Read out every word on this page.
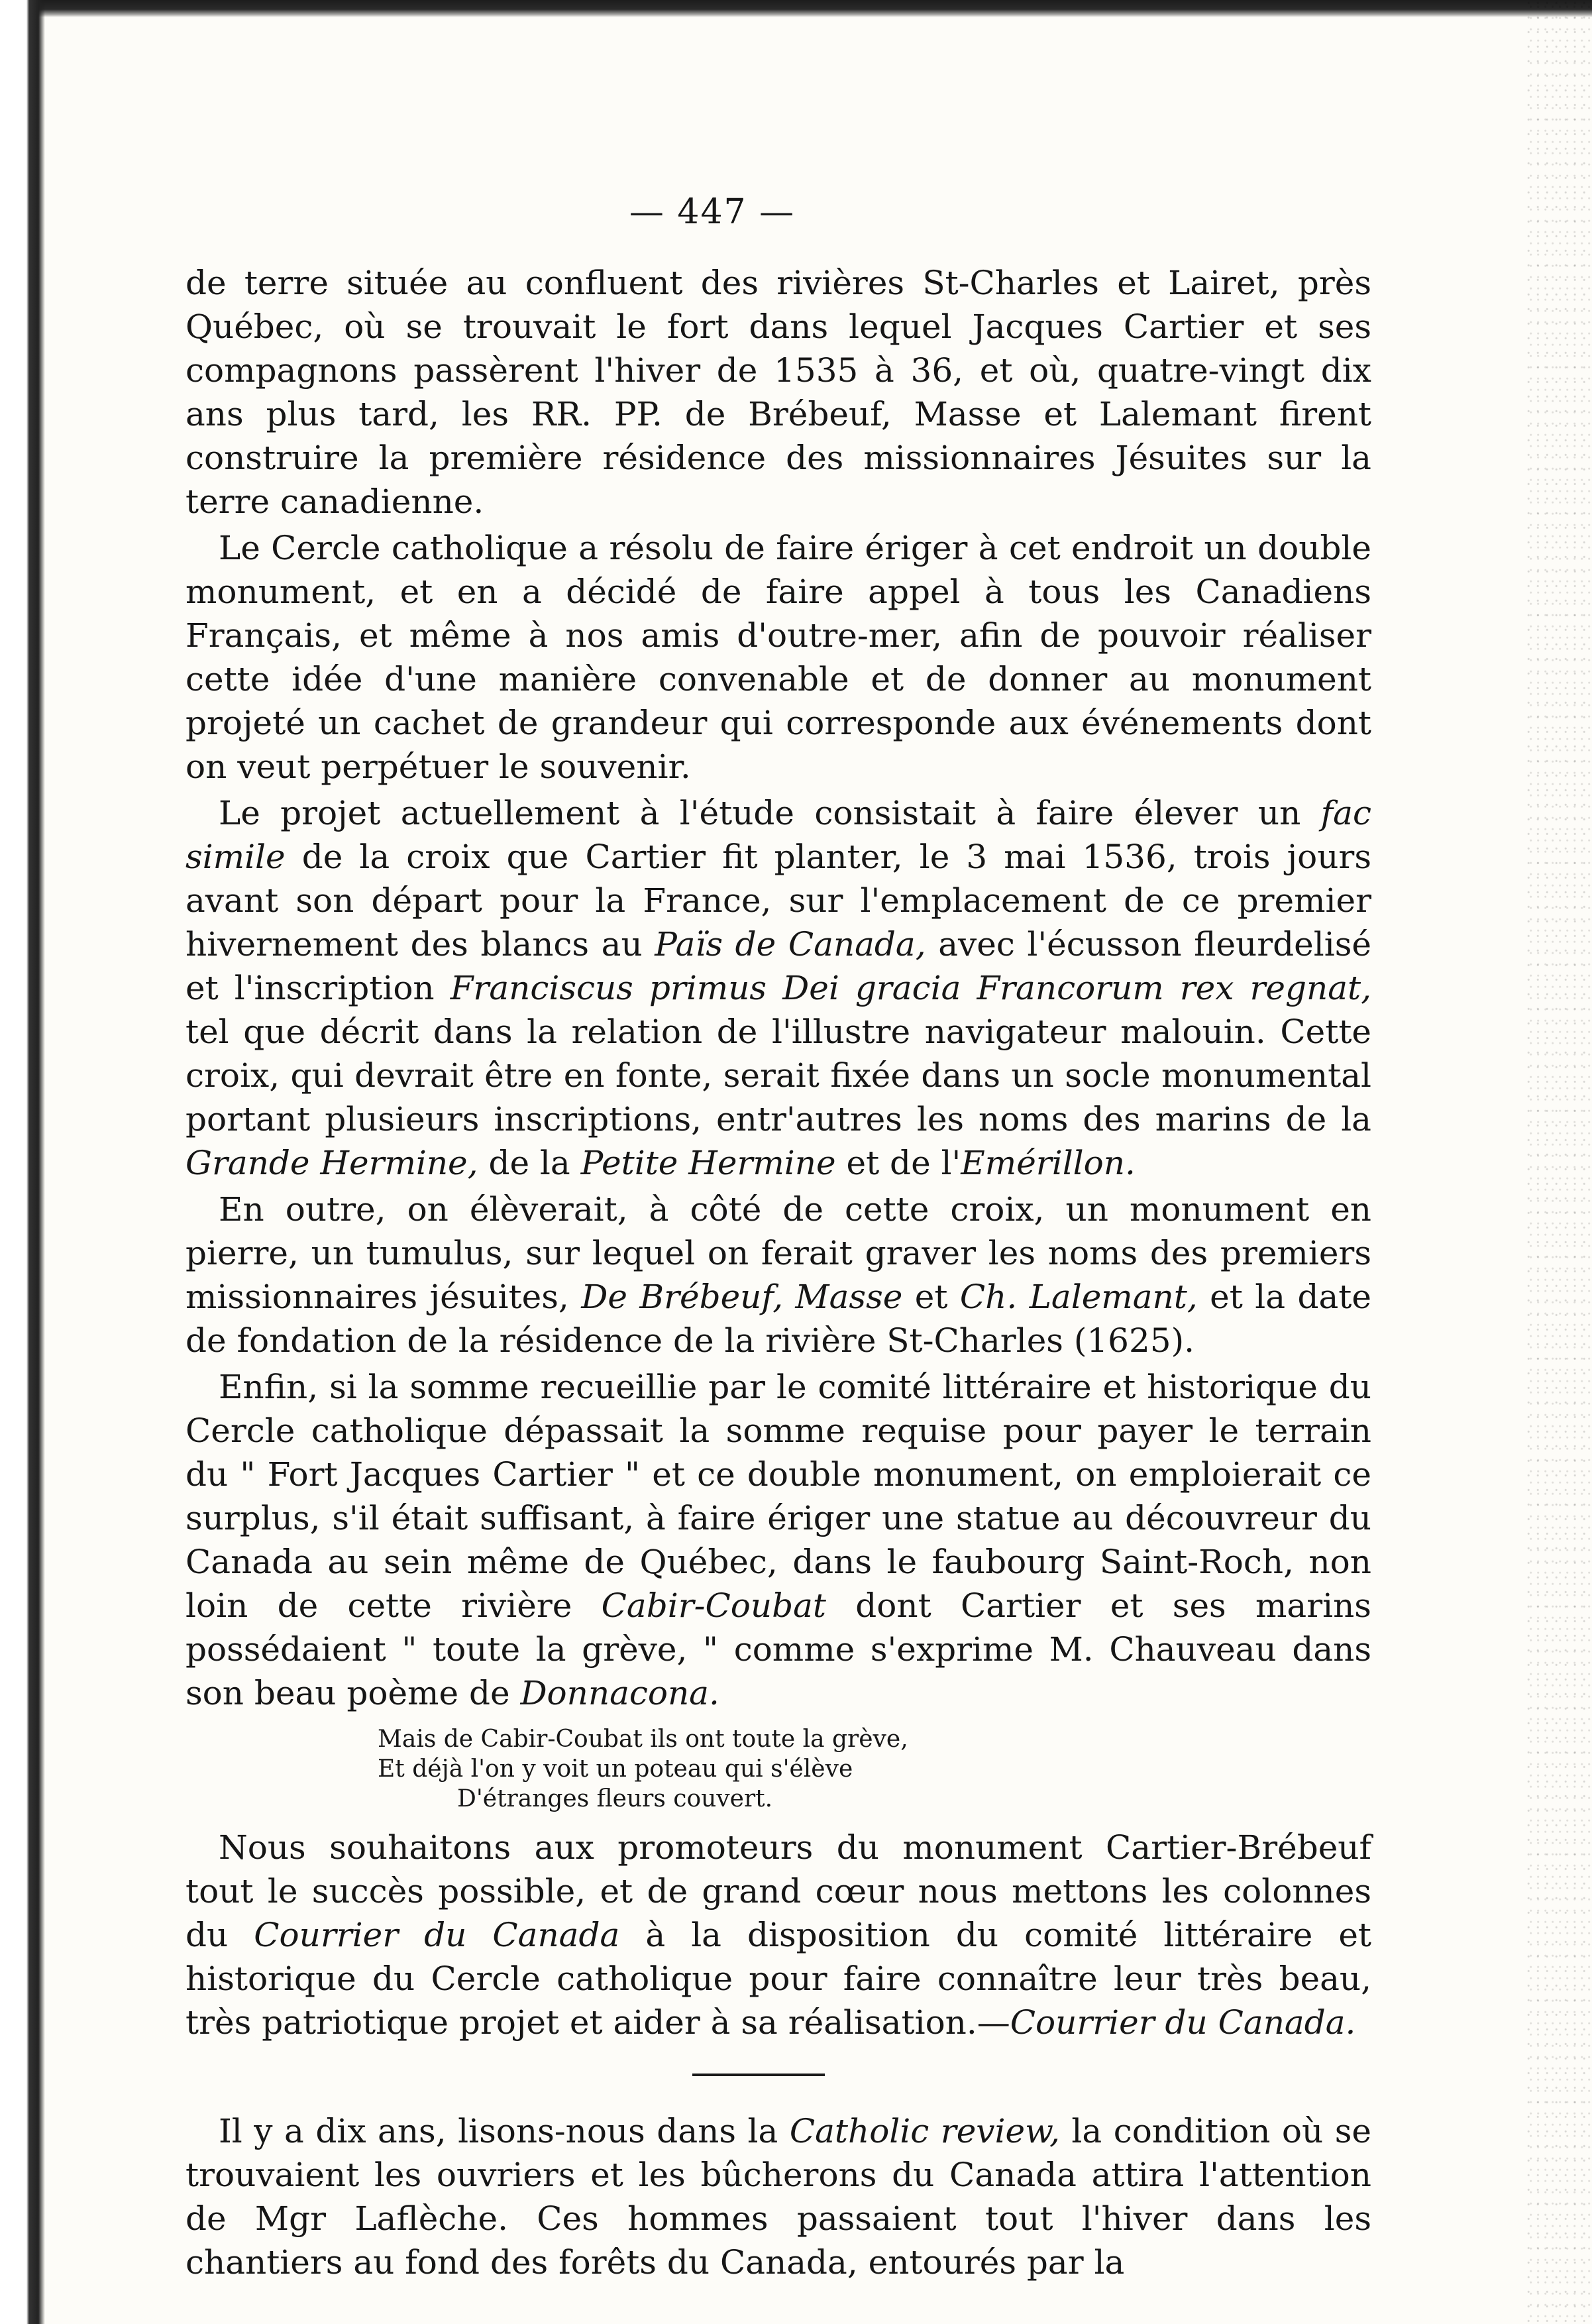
— 447 —

de terre située au confluent des rivières St-Charles et Lairet, près Québec, où se trouvait le fort dans lequel Jacques Cartier et ses compagnons passèrent l'hiver de 1535 à 36, et où, quatre-vingt dix ans plus tard, les RR. PP. de Brébeuf, Masse et Lalemant firent construire la première résidence des missionnaires Jésuites sur la terre canadienne.

Le Cercle catholique a résolu de faire ériger à cet endroit un double monument, et en a décidé de faire appel à tous les Canadiens Français, et même à nos amis d'outre-mer, afin de pouvoir réaliser cette idée d'une manière convenable et de donner au monument projeté un cachet de grandeur qui corresponde aux événements dont on veut perpétuer le souvenir.

Le projet actuellement à l'étude consistait à faire élever un fac simile de la croix que Cartier fit planter, le 3 mai 1536, trois jours avant son départ pour la France, sur l'emplacement de ce premier hivernement des blancs au Païs de Canada, avec l'écusson fleurdelisé et l'inscription Franciscus primus Dei gracia Francorum rex regnat, tel que décrit dans la relation de l'illustre navigateur malouin. Cette croix, qui devrait être en fonte, serait fixée dans un socle monumental portant plusieurs inscriptions, entr'autres les noms des marins de la Grande Hermine, de la Petite Hermine et de l'Emérillon.

En outre, on élèverait, à côté de cette croix, un monument en pierre, un tumulus, sur lequel on ferait graver les noms des premiers missionnaires jésuites, De Brébeuf, Masse et Ch. Lalemant, et la date de fondation de la résidence de la rivière St-Charles (1625).

Enfin, si la somme recueillie par le comité littéraire et historique du Cercle catholique dépassait la somme requise pour payer le terrain du " Fort Jacques Cartier " et ce double monument, on emploierait ce surplus, s'il était suffisant, à faire ériger une statue au découvreur du Canada au sein même de Québec, dans le faubourg Saint-Roch, non loin de cette rivière Cabir-Coubat dont Cartier et ses marins possédaient " toute la grève, " comme s'exprime M. Chauveau dans son beau poème de Donnacona.

Mais de Cabir-Coubat ils ont toute la grève,
Et déjà l'on y voit un poteau qui s'élève
D'étranges fleurs couvert.

Nous souhaitons aux promoteurs du monument Cartier-Brébeuf tout le succès possible, et de grand cœur nous mettons les colonnes du Courrier du Canada à la disposition du comité littéraire et historique du Cercle catholique pour faire connaître leur très beau, très patriotique projet et aider à sa réalisation.—Courrier du Canada.

Il y a dix ans, lisons-nous dans la Catholic review, la condition où se trouvaient les ouvriers et les bûcherons du Canada attira l'attention de Mgr Laflèche. Ces hommes passaient tout l'hiver dans les chantiers au fond des forêts du Canada, entourés par la
